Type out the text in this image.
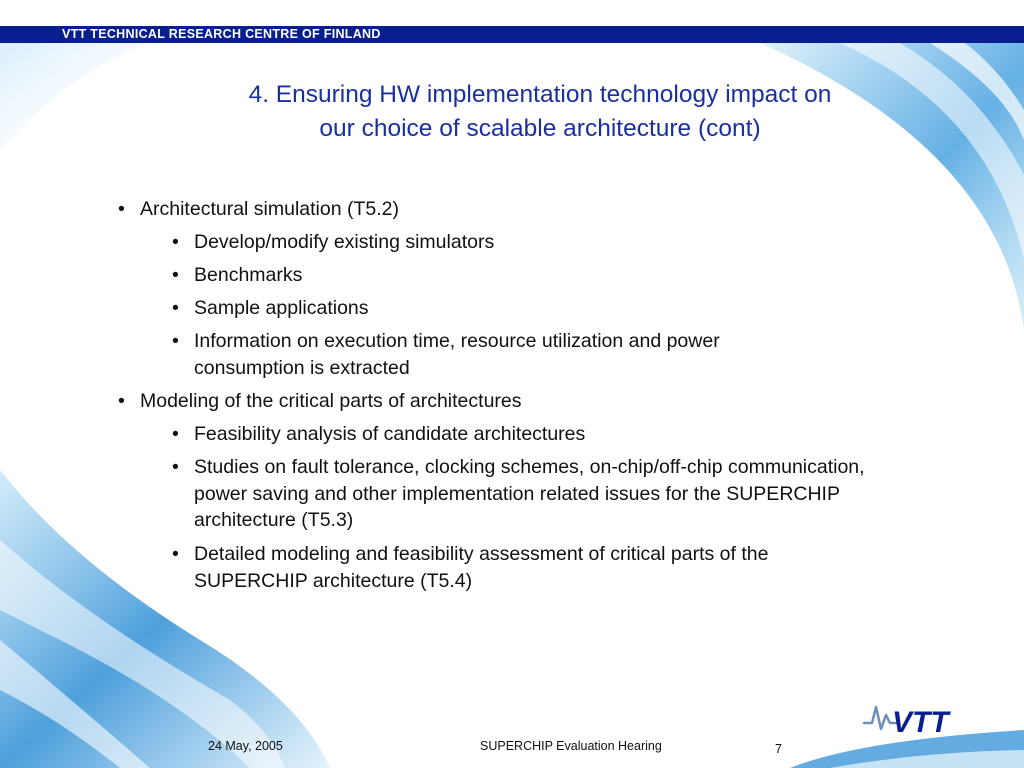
VTT TECHNICAL RESEARCH CENTRE OF FINLAND
4. Ensuring HW implementation technology impact on
our choice of scalable architecture (cont)
• Architectural simulation (T5.2)
• Develop/modify existing simulators
• Benchmarks
• Sample applications
• Information on execution time, resource utilization and power consumption is extracted
• Modeling of the critical parts of architectures
• Feasibility analysis of candidate architectures
• Studies on fault tolerance, clocking schemes, on-chip/off-chip communication, power saving and other implementation related issues for the SUPERCHIP architecture (T5.3)
• Detailed modeling and feasibility assessment of critical parts of the SUPERCHIP architecture (T5.4)
VTT
24 May, 2005	SUPERCHIP Evaluation Hearing	7
